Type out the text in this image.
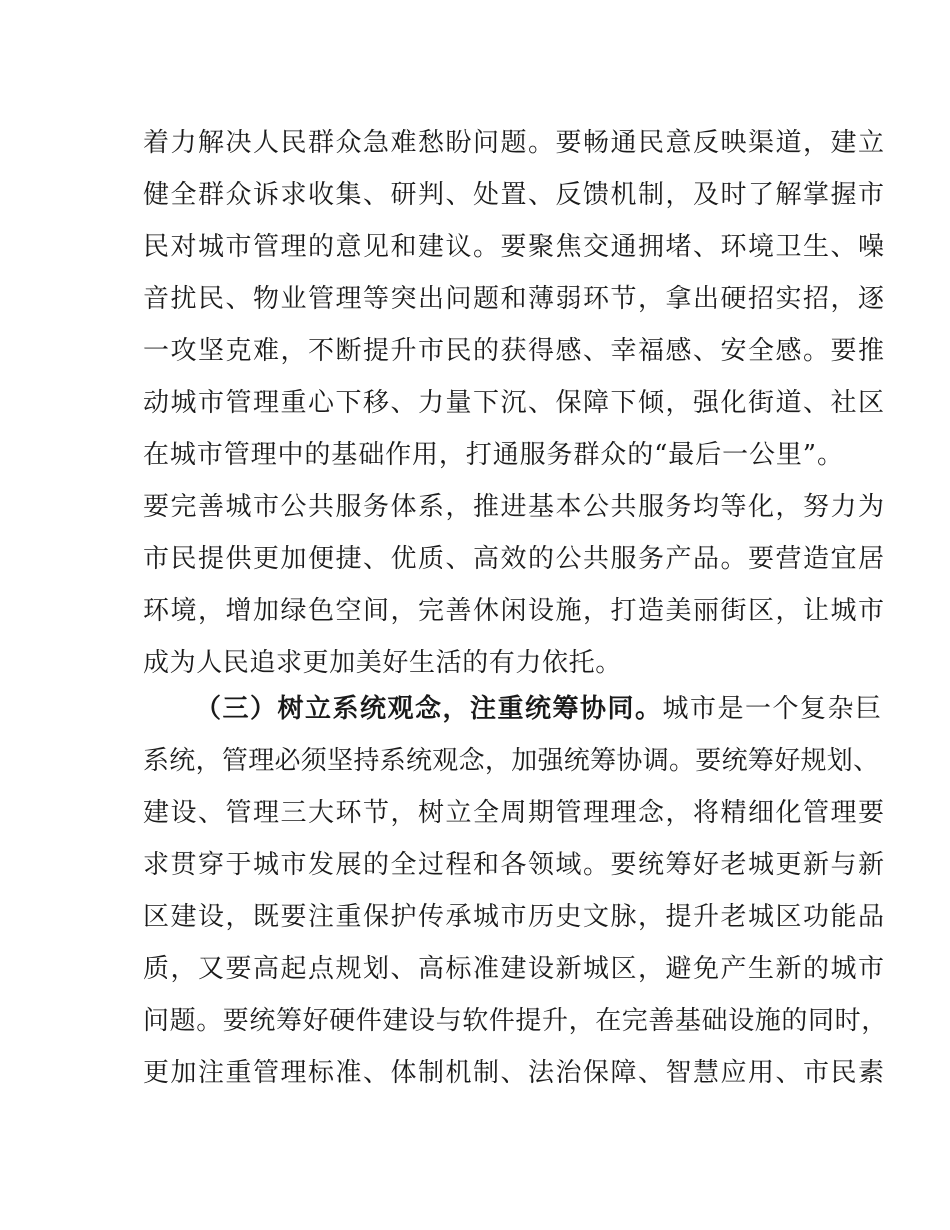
着力解决人民群众急难愁盼问题。要畅通民意反映渠道，建立
健全群众诉求收集、研判、处置、反馈机制，及时了解掌握市
民对城市管理的意见和建议。要聚焦交通拥堵、环境卫生、噪
音扰民、物业管理等突出问题和薄弱环节，拿出硬招实招，逐
一攻坚克难，不断提升市民的获得感、幸福感、安全感。要推
动城市管理重心下移、力量下沉、保障下倾，强化街道、社区
在城市管理中的基础作用，打通服务群众的“最后一公里”。
要完善城市公共服务体系，推进基本公共服务均等化，努力为
市民提供更加便捷、优质、高效的公共服务产品。要营造宜居
环境，增加绿色空间，完善休闲设施，打造美丽街区，让城市
成为人民追求更加美好生活的有力依托。
（三）树立系统观念，注重统筹协同。城市是一个复杂巨
系统，管理必须坚持系统观念，加强统筹协调。要统筹好规划、
建设、管理三大环节，树立全周期管理理念，将精细化管理要
求贯穿于城市发展的全过程和各领域。要统筹好老城更新与新
区建设，既要注重保护传承城市历史文脉，提升老城区功能品
质，又要高起点规划、高标准建设新城区，避免产生新的城市
问题。要统筹好硬件建设与软件提升，在完善基础设施的同时，
更加注重管理标准、体制机制、法治保障、智慧应用、市民素
